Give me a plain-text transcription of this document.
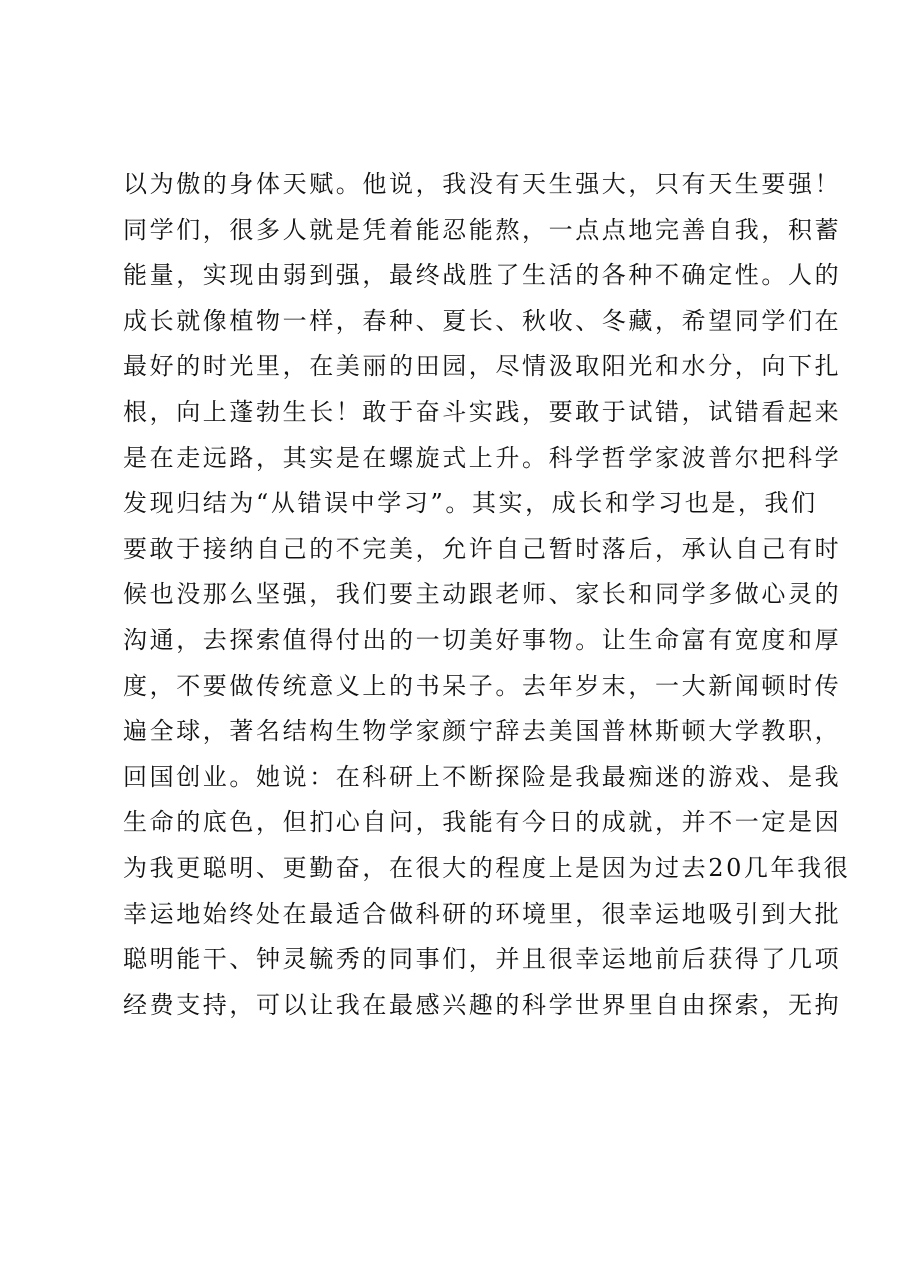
以为傲的身体天赋。他说，我没有天生强大，只有天生要强！
同学们，很多人就是凭着能忍能熬，一点点地完善自我，积蓄
能量，实现由弱到强，最终战胜了生活的各种不确定性。人的
成长就像植物一样，春种、夏长、秋收、冬藏，希望同学们在
最好的时光里，在美丽的田园，尽情汲取阳光和水分，向下扎
根，向上蓬勃生长！敢于奋斗实践，要敢于试错，试错看起来
是在走远路，其实是在螺旋式上升。科学哲学家波普尔把科学
发现归结为“从错误中学习”。其实，成长和学习也是，我们
要敢于接纳自己的不完美，允许自己暂时落后，承认自己有时
候也没那么坚强，我们要主动跟老师、家长和同学多做心灵的
沟通，去探索值得付出的一切美好事物。让生命富有宽度和厚
度，不要做传统意义上的书呆子。去年岁末，一大新闻顿时传
遍全球，著名结构生物学家颜宁辞去美国普林斯顿大学教职，
回国创业。她说：在科研上不断探险是我最痴迷的游戏、是我
生命的底色，但扪心自问，我能有今日的成就，并不一定是因
为我更聪明、更勤奋，在很大的程度上是因为过去20几年我很
幸运地始终处在最适合做科研的环境里，很幸运地吸引到大批
聪明能干、钟灵毓秀的同事们，并且很幸运地前后获得了几项
经费支持，可以让我在最感兴趣的科学世界里自由探索，无拘
